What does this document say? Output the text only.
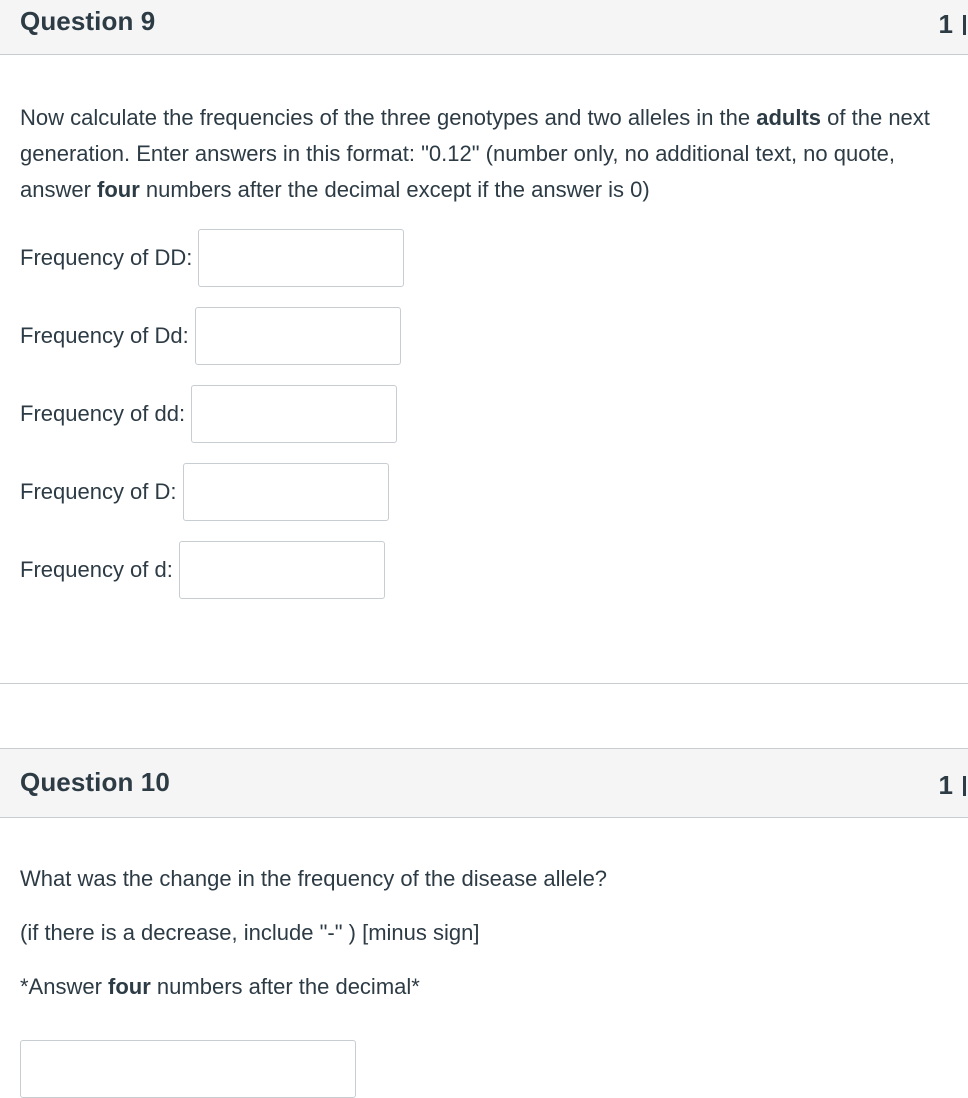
Question 9	1
Now calculate the frequencies of the three genotypes and two alleles in the adults of the next generation. Enter answers in this format: "0.12" (number only, no additional text, no quote, answer four numbers after the decimal except if the answer is 0)
Frequency of DD:
Frequency of Dd:
Frequency of dd:
Frequency of D:
Frequency of d:
Question 10	1
What was the change in the frequency of the disease allele?
(if there is a decrease, include "-" ) [minus sign]
*Answer four numbers after the decimal*
